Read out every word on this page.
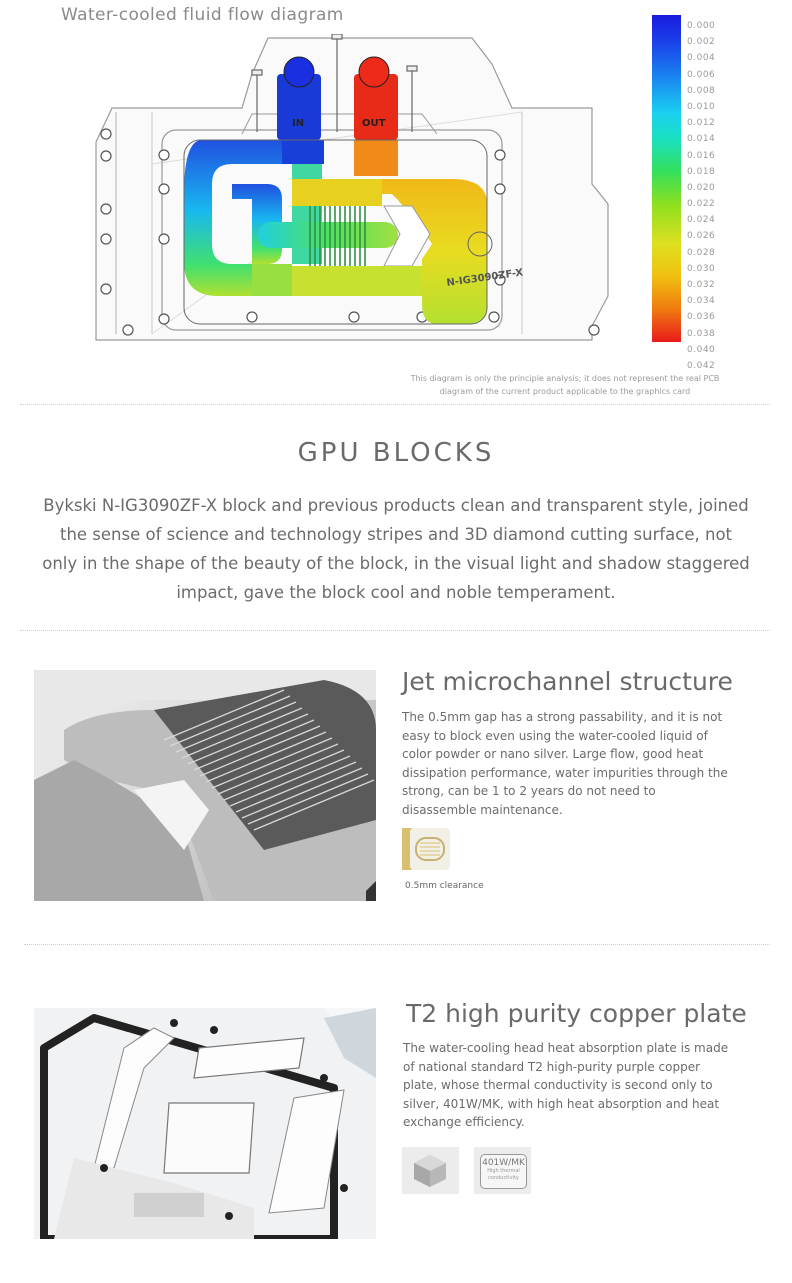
Water-cooled fluid flow diagram
N-IG3090ZF-X
IN	OUT
0.000
0.002
0.004
0.006
0.008
0.010
0.012
0.014
0.016
0.018
0.020
0.022
0.024
0.026
0.028
0.030
0.032
0.034
0.036
0.038
0.040
0.042
This diagram is only the principle analysis; it does not represent the real PCB
diagram of the current product applicable to the graphics card
GPU BLOCKS
Bykski N-IG3090ZF-X block and previous products clean and transparent style, joined the sense of science and technology stripes and 3D diamond cutting surface, not only in the shape of the beauty of the block, in the visual light and shadow staggered impact, gave the block cool and noble temperament.
Jet microchannel structure
The 0.5mm gap has a strong passability, and it is not easy to block even using the water-cooled liquid of color powder or nano silver. Large flow, good heat dissipation performance, water impurities through the strong, can be 1 to 2 years do not need to disassemble maintenance.
0.5mm clearance
T2 high purity copper plate
The water-cooling head heat absorption plate is made of national standard T2 high-purity purple copper plate, whose thermal conductivity is second only to silver, 401W/MK, with high heat absorption and heat exchange efficiency.
401W/MK
High thermal
conductivity
